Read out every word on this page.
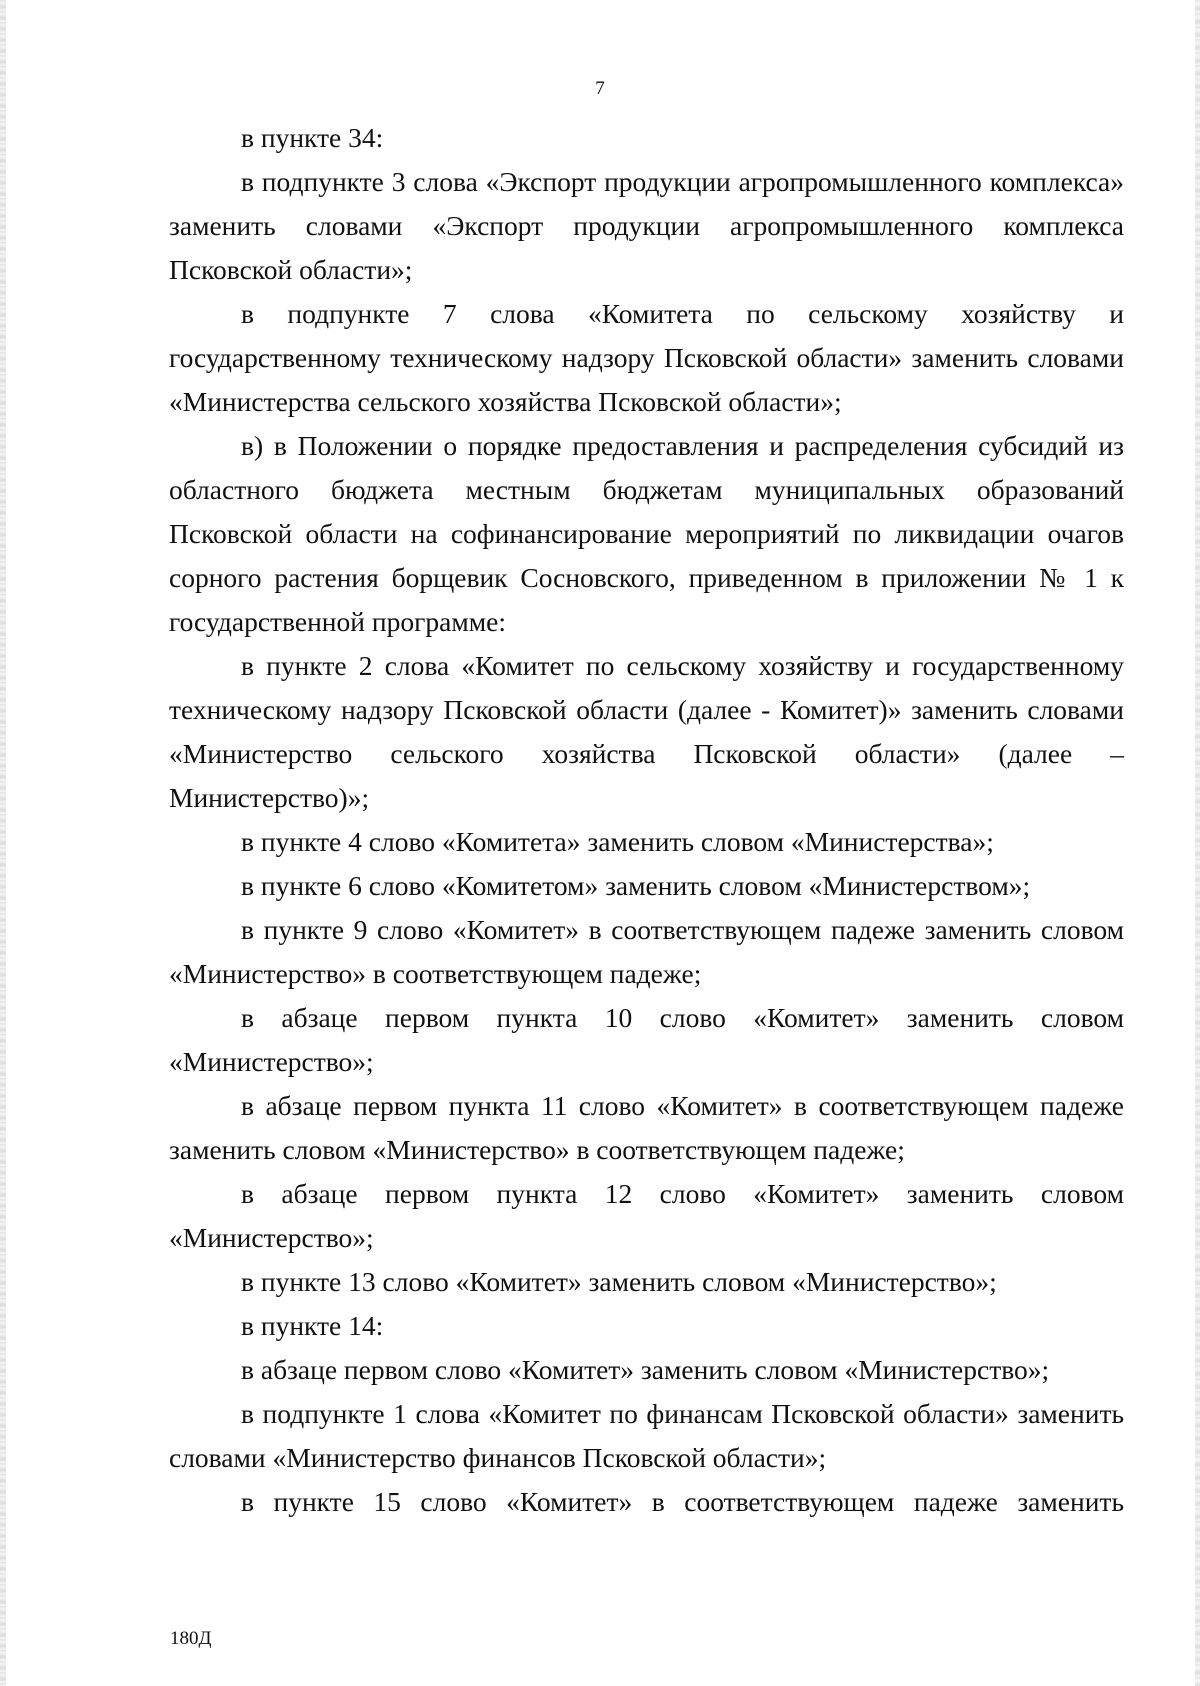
7

в пункте 34:

в подпункте 3 слова «Экспорт продукции агропромышленного комплекса» заменить словами «Экспорт продукции агропромышленного комплекса Псковской области»;

в подпункте 7 слова «Комитета по сельскому хозяйству и государственному техническому надзору Псковской области» заменить словами «Министерства сельского хозяйства Псковской области»;

в) в Положении о порядке предоставления и распределения субсидий из областного бюджета местным бюджетам муниципальных образований Псковской области на софинансирование мероприятий по ликвидации очагов сорного растения борщевик Сосновского, приведенном в приложении № 1 к государственной программе:

в пункте 2 слова «Комитет по сельскому хозяйству и государственному техническому надзору Псковской области (далее - Комитет)» заменить словами «Министерство сельского хозяйства Псковской области» (далее – Министерство)»;

в пункте 4 слово «Комитета» заменить словом «Министерства»;

в пункте 6 слово «Комитетом» заменить словом «Министерством»;

в пункте 9 слово «Комитет» в соответствующем падеже заменить словом «Министерство» в соответствующем падеже;

в абзаце первом пункта 10 слово «Комитет» заменить словом «Министерство»;

в абзаце первом пункта 11 слово «Комитет» в соответствующем падеже заменить словом «Министерство» в соответствующем падеже;

в абзаце первом пункта 12 слово «Комитет» заменить словом «Министерство»;

в пункте 13 слово «Комитет» заменить словом «Министерство»;

в пункте 14:

в абзаце первом слово «Комитет» заменить словом «Министерство»;

в подпункте 1 слова «Комитет по финансам Псковской области» заменить словами «Министерство финансов Псковской области»;

в пункте 15 слово «Комитет» в соответствующем падеже заменить

180Д
